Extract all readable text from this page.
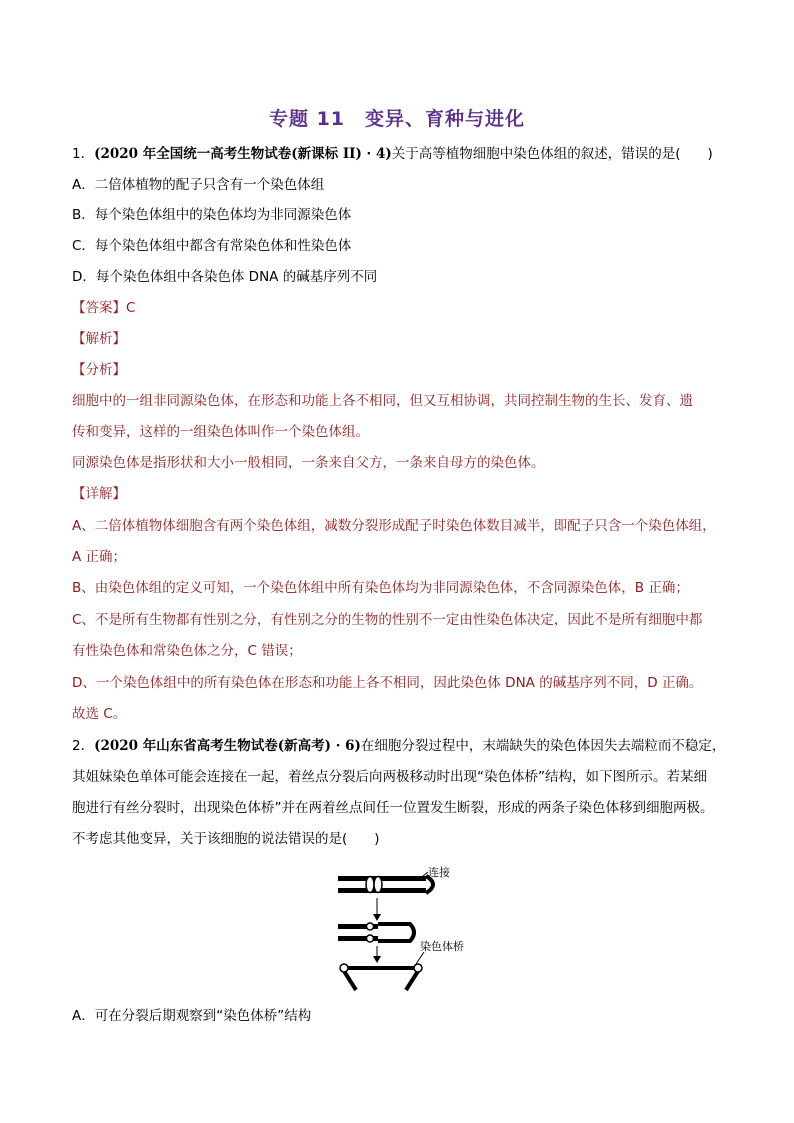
专题 11　变异、育种与进化
1．(2020 年全国统一高考生物试卷(新课标 II) · 4)关于高等植物细胞中染色体组的叙述，错误的是(　　)
A．二倍体植物的配子只含有一个染色体组
B．每个染色体组中的染色体均为非同源染色体
C．每个染色体组中都含有常染色体和性染色体
D．每个染色体组中各染色体 DNA 的碱基序列不同
【答案】C
【解析】
【分析】
细胞中的一组非同源染色体，在形态和功能上各不相同，但又互相协调，共同控制生物的生长、发育、遗
传和变异，这样的一组染色体叫作一个染色体组。
同源染色体是指形状和大小一般相同，一条来自父方，一条来自母方的染色体。
【详解】
A、二倍体植物体细胞含有两个染色体组，减数分裂形成配子时染色体数目减半，即配子只含一个染色体组，
A 正确；
B、由染色体组的定义可知，一个染色体组中所有染色体均为非同源染色体，不含同源染色体，B 正确；
C、不是所有生物都有性别之分，有性别之分的生物的性别不一定由性染色体决定，因此不是所有细胞中都
有性染色体和常染色体之分，C 错误；
D、一个染色体组中的所有染色体在形态和功能上各不相同，因此染色体 DNA 的碱基序列不同，D 正确。
故选 C。
2．(2020 年山东省高考生物试卷(新高考) · 6)在细胞分裂过程中，末端缺失的染色体因失去端粒而不稳定，
其姐妹染色单体可能会连接在一起，着丝点分裂后向两极移动时出现“染色体桥”结构，如下图所示。若某细
胞进行有丝分裂时，出现染色体桥”并在两着丝点间任一位置发生断裂，形成的两条子染色体移到细胞两极。
不考虑其他变异，关于该细胞的说法错误的是(　　)
连接
染色体桥
A．可在分裂后期观察到“染色体桥”结构
